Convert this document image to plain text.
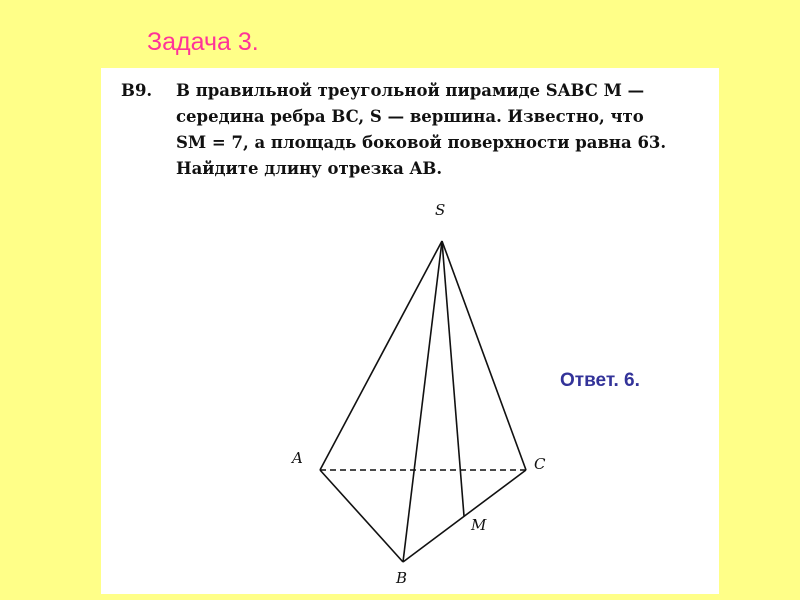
Задача 3.
B9. В правильной треугольной пирамиде SABC M —
середина ребра BC, S — вершина. Известно, что
SM = 7, а площадь боковой поверхности равна 63.
Найдите длину отрезка AB.
S
A	C
M
B
Ответ. 6.
